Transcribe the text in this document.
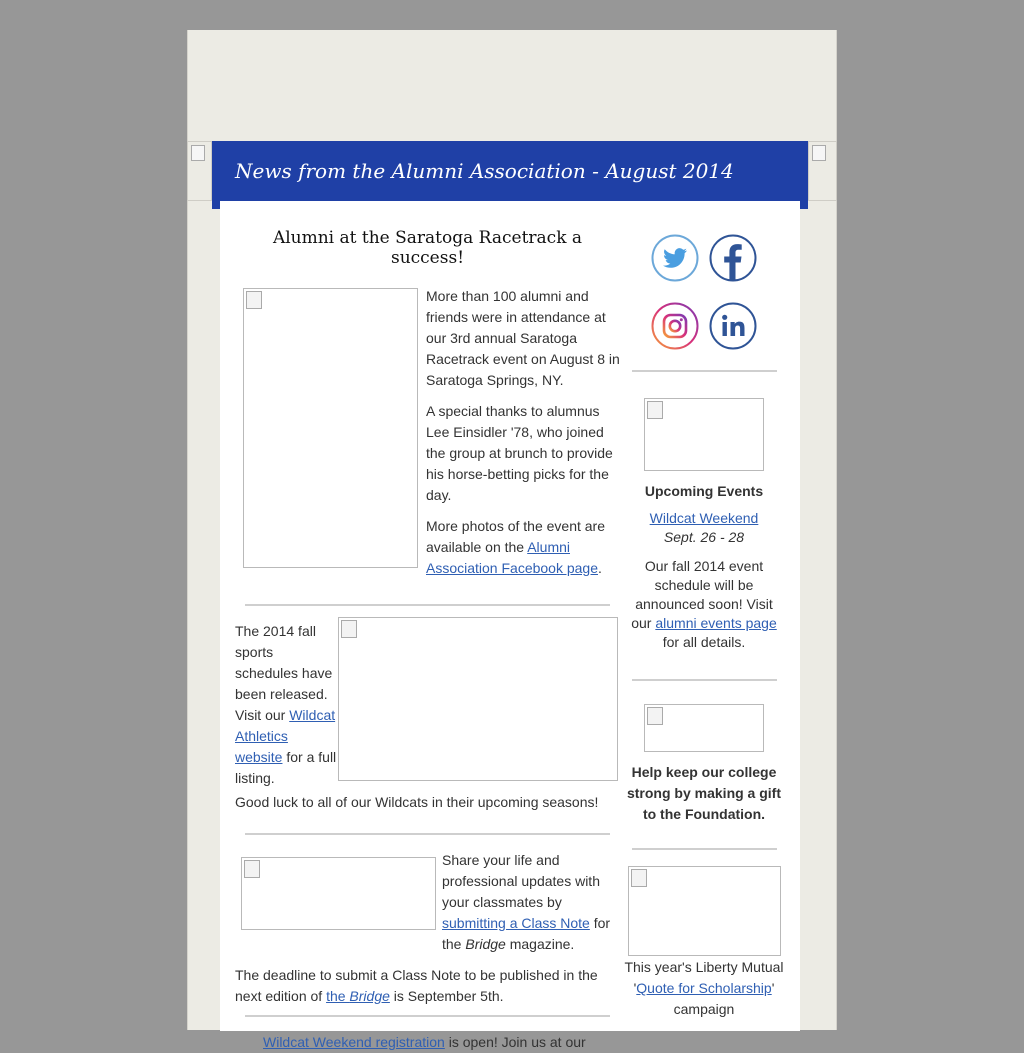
News from the Alumni Association - August 2014
Alumni at the Saratoga Racetrack a success!

More than 100 alumni and friends were in attendance at our 3rd annual Saratoga Racetrack event on August 8 in Saratoga Springs, NY.

A special thanks to alumnus Lee Einsidler '78, who joined the group at brunch to provide his horse-betting picks for the day.

More photos of the event are available on the Alumni Association Facebook page.

The 2014 fall sports schedules have been released. Visit our Wildcat Athletics website for a full listing.

Good luck to all of our Wildcats in their upcoming seasons!

Share your life and professional updates with your classmates by submitting a Class Note for the Bridge magazine.

The deadline to submit a Class Note to be published in the next edition of the Bridge is September 5th.

Wildcat Weekend registration is open! Join us at our

Upcoming Events

Wildcat Weekend

Sept. 26 - 28

Our fall 2014 event schedule will be announced soon! Visit our alumni events page for all details.

Help keep our college strong by making a gift to the Foundation.

This year's Liberty Mutual 'Quote for Scholarship' campaign
